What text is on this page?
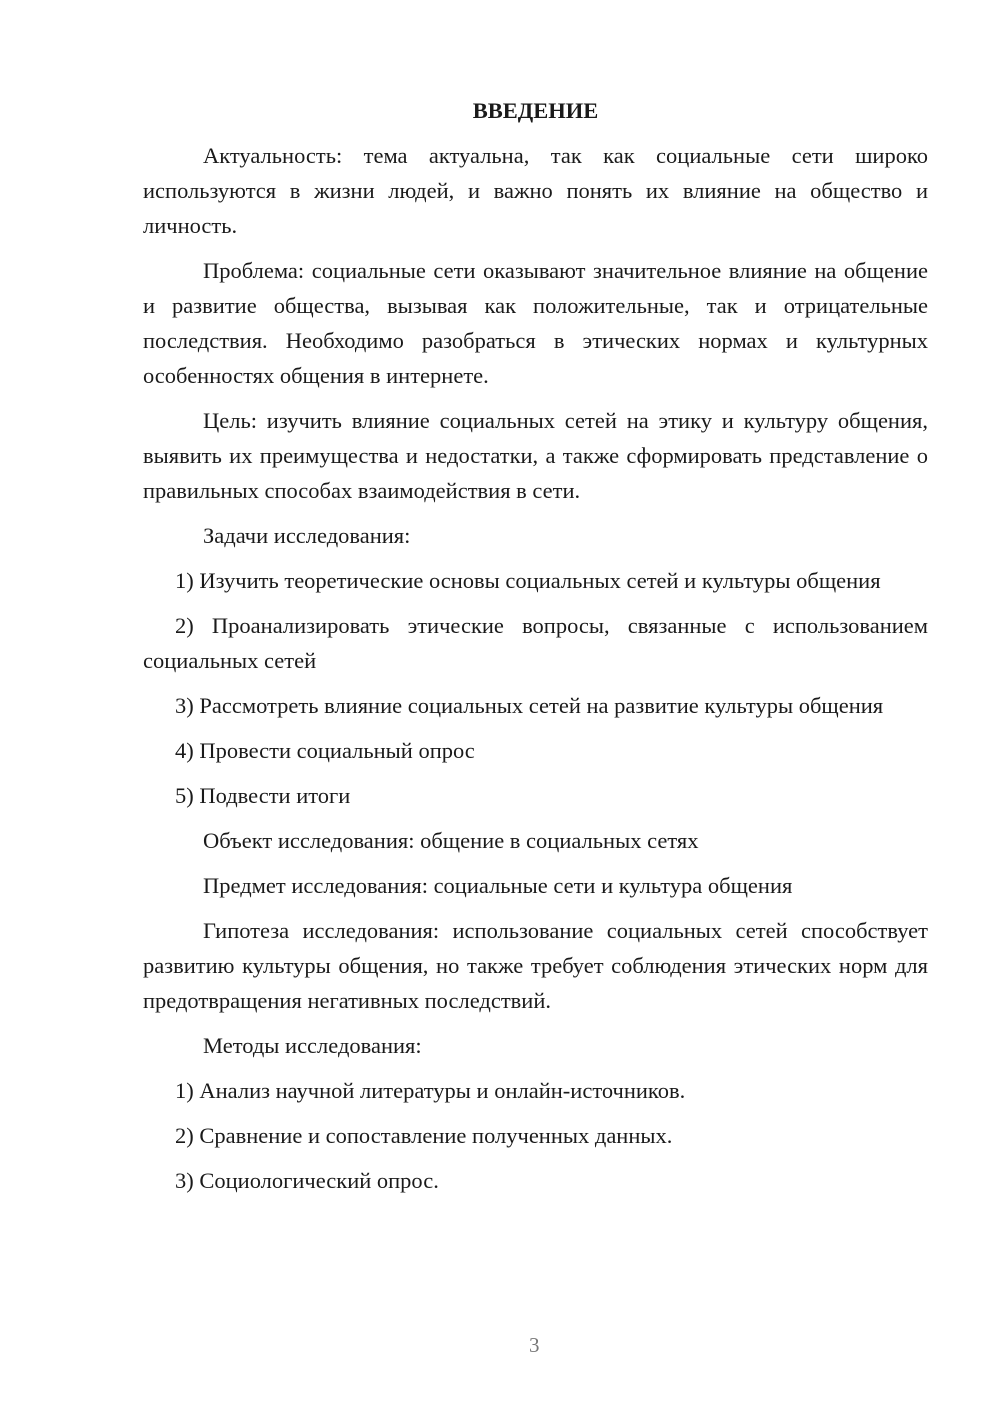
ВВЕДЕНИЕ

Актуальность: тема актуальна, так как социальные сети широко используются в жизни людей, и важно понять их влияние на общество и личность.

Проблема: социальные сети оказывают значительное влияние на общение и развитие общества, вызывая как положительные, так и отрицательные последствия. Необходимо разобраться в этических нормах и культурных особенностях общения в интернете.

Цель: изучить влияние социальных сетей на этику и культуру общения, выявить их преимущества и недостатки, а также сформировать представление о правильных способах взаимодействия в сети.

Задачи исследования:

1) Изучить теоретические основы социальных сетей и культуры общения

2) Проанализировать этические вопросы, связанные с использованием социальных сетей

3) Рассмотреть влияние социальных сетей на развитие культуры общения

4) Провести социальный опрос

5) Подвести итоги

Объект исследования: общение в социальных сетях

Предмет исследования: социальные сети и культура общения

Гипотеза исследования: использование социальных сетей способствует развитию культуры общения, но также требует соблюдения этических норм для предотвращения негативных последствий.

Методы исследования:

1) Анализ научной литературы и онлайн-источников.

2) Сравнение и сопоставление полученных данных.

3) Социологический опрос.

3
